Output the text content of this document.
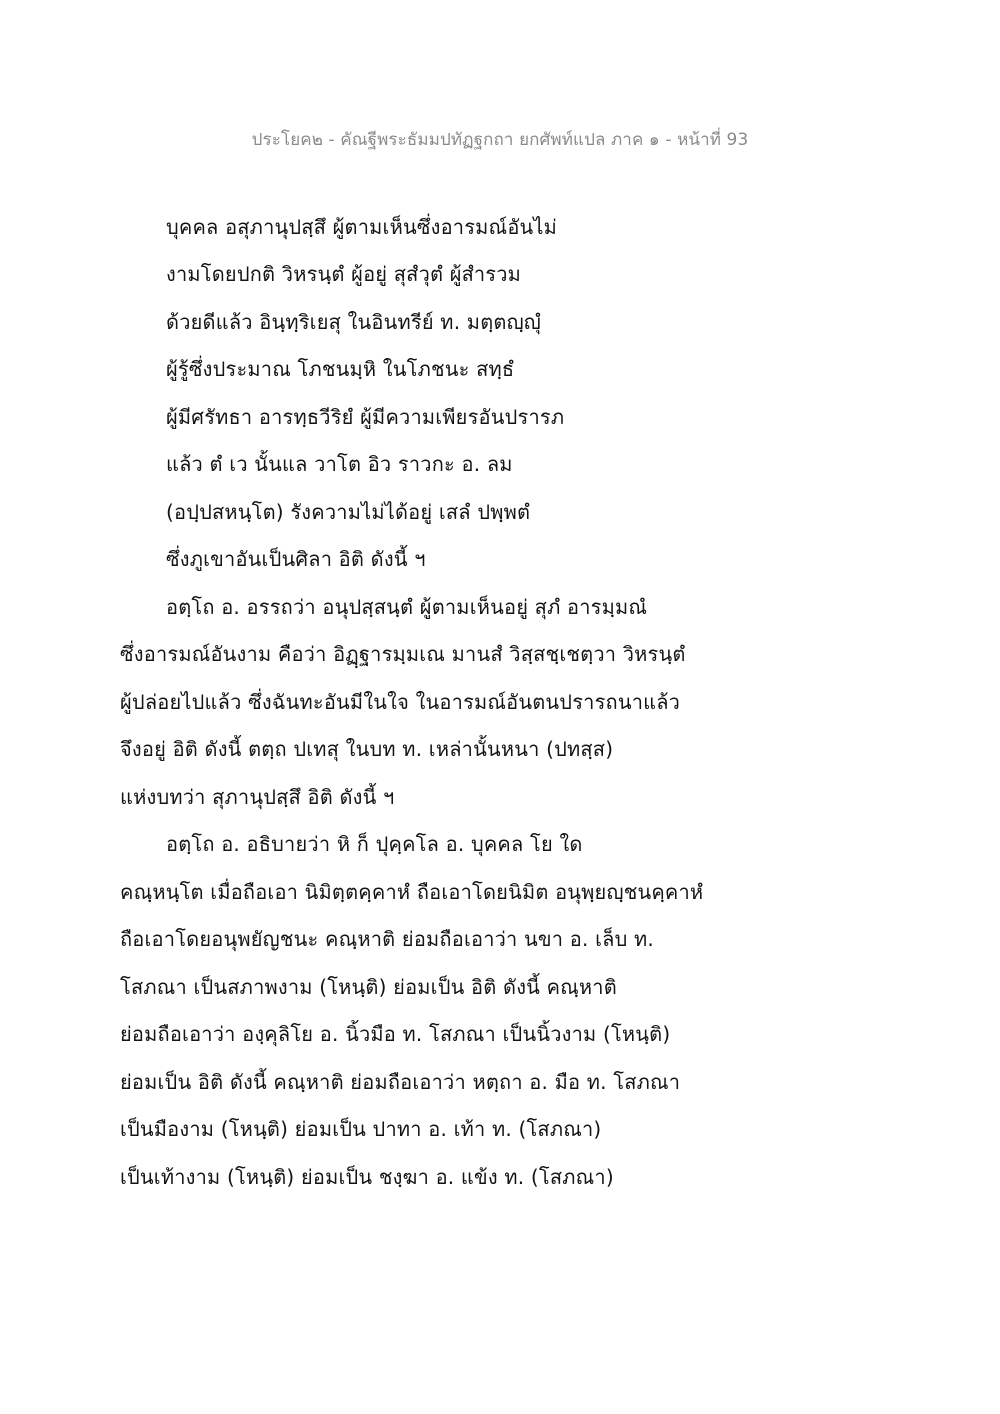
ประโยค๒ - คัณฐีพระธัมมปทัฏฐกถา ยกศัพท์แปล ภาค ๑ - หน้าที่ 93
บุคคล อสุภานุปสฺสึ ผู้ตามเห็นซึ่งอารมณ์อันไม่
งามโดยปกติ วิหรนฺตํ ผู้อยู่ สุสํวุตํ ผู้สำรวม
ด้วยดีแล้ว อินฺทฺริเยสุ ในอินทรีย์ ท. มตฺตญฺญุํ
ผู้รู้ซึ่งประมาณ โภชนมฺหิ ในโภชนะ สทฺธํ
ผู้มีศรัทธา อารทฺธวีริยํ ผู้มีความเพียรอันปรารภ
แล้ว ตํ เว นั้นแล วาโต อิว ราวกะ อ. ลม
(อปฺปสหนฺโต) รังความไม่ได้อยู่ เสลํ ปพฺพตํ
ซึ่งภูเขาอันเป็นศิลา อิติ ดังนี้ ฯ
อตฺโถ อ. อรรถว่า อนุปสฺสนฺตํ ผู้ตามเห็นอยู่ สุภํ อารมฺมณํ
ซึ่งอารมณ์อันงาม คือว่า อิฏฺฐารมฺมเณ มานสํ วิสฺสชฺเชตฺวา วิหรนฺตํ
ผู้ปล่อยไปแล้ว ซึ่งฉันทะอันมีในใจ ในอารมณ์อันตนปรารถนาแล้ว
จึงอยู่ อิติ ดังนี้ ตตฺถ ปเทสุ ในบท ท. เหล่านั้นหนา (ปทสฺส)
แห่งบทว่า สุภานุปสฺสึ อิติ ดังนี้ ฯ
อตฺโถ อ. อธิบายว่า หิ ก็ ปุคฺคโล อ. บุคคล โย ใด
คณฺหนฺโต เมื่อถือเอา นิมิตฺตคฺคาหํ ถือเอาโดยนิมิต อนุพฺยญฺชนคฺคาหํ
ถือเอาโดยอนุพยัญชนะ คณฺหาติ ย่อมถือเอาว่า นขา อ. เล็บ ท.
โสภณา เป็นสภาพงาม (โหนฺติ) ย่อมเป็น อิติ ดังนี้ คณฺหาติ
ย่อมถือเอาว่า องฺคุลิโย อ. นิ้วมือ ท. โสภณา เป็นนิ้วงาม (โหนฺติ)
ย่อมเป็น อิติ ดังนี้ คณฺหาติ ย่อมถือเอาว่า หตฺถา อ. มือ ท. โสภณา
เป็นมืองาม (โหนฺติ) ย่อมเป็น ปาทา อ. เท้า ท. (โสภณา)
เป็นเท้างาม (โหนฺติ) ย่อมเป็น ชงฺฆา อ. แข้ง ท. (โสภณา)
